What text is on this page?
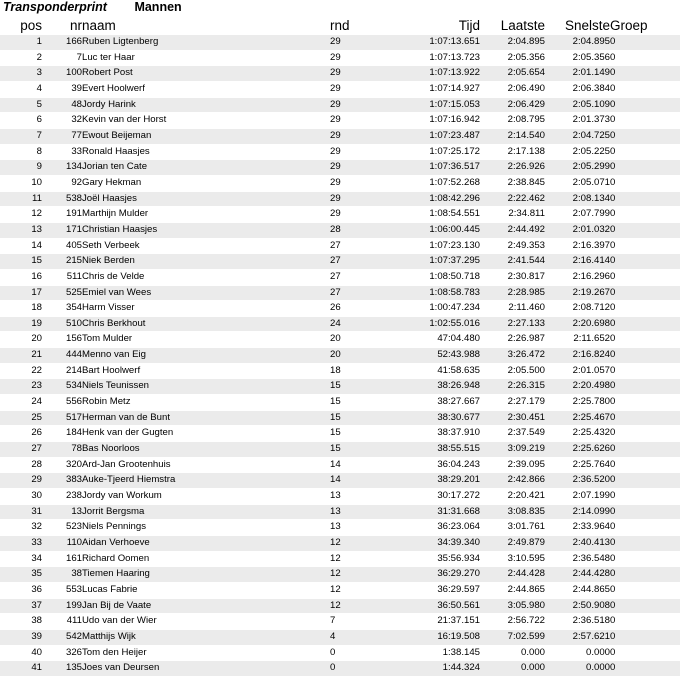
Transponderprint Mannen
pos	nr	naam	rnd	Tijd	Laatste	Snelste	Groep
1	166	Ruben Ligtenberg	29	1:07:13.651	2:04.895	2:04.895	0
2	7	Luc ter Haar	29	1:07:13.723	2:05.356	2:05.356	0
3	100	Robert Post	29	1:07:13.922	2:05.654	2:01.149	0
4	39	Evert Hoolwerf	29	1:07:14.927	2:06.490	2:06.384	0
5	48	Jordy Harink	29	1:07:15.053	2:06.429	2:05.109	0
6	32	Kevin van der Horst	29	1:07:16.942	2:08.795	2:01.373	0
7	77	Ewout Beijeman	29	1:07:23.487	2:14.540	2:04.725	0
8	33	Ronald Haasjes	29	1:07:25.172	2:17.138	2:05.225	0
9	134	Jorian ten Cate	29	1:07:36.517	2:26.926	2:05.299	0
10	92	Gary Hekman	29	1:07:52.268	2:38.845	2:05.071	0
11	538	Joël Haasjes	29	1:08:42.296	2:22.462	2:08.134	0
12	191	Marthijn Mulder	29	1:08:54.551	2:34.811	2:07.799	0
13	171	Christian Haasjes	28	1:06:00.445	2:44.492	2:01.032	0
14	405	Seth Verbeek	27	1:07:23.130	2:49.353	2:16.397	0
15	215	Niek Berden	27	1:07:37.295	2:41.544	2:16.414	0
16	511	Chris de Velde	27	1:08:50.718	2:30.817	2:16.296	0
17	525	Emiel van Wees	27	1:08:58.783	2:28.985	2:19.267	0
18	354	Harm Visser	26	1:00:47.234	2:11.460	2:08.712	0
19	510	Chris Berkhout	24	1:02:55.016	2:27.133	2:20.698	0
20	156	Tom Mulder	20	47:04.480	2:26.987	2:11.652	0
21	444	Menno van Eig	20	52:43.988	3:26.472	2:16.824	0
22	214	Bart Hoolwerf	18	41:58.635	2:05.500	2:01.057	0
23	534	Niels Teunissen	15	38:26.948	2:26.315	2:20.498	0
24	556	Robin Metz	15	38:27.667	2:27.179	2:25.780	0
25	517	Herman van de Bunt	15	38:30.677	2:30.451	2:25.467	0
26	184	Henk van der Gugten	15	38:37.910	2:37.549	2:25.432	0
27	78	Bas Noorloos	15	38:55.515	3:09.219	2:25.626	0
28	320	Ard-Jan Grootenhuis	14	36:04.243	2:39.095	2:25.764	0
29	383	Auke-Tjeerd Hiemstra	14	38:29.201	2:42.866	2:36.520	0
30	238	Jordy van Workum	13	30:17.272	2:20.421	2:07.199	0
31	13	Jorrit Bergsma	13	31:31.668	3:08.835	2:14.099	0
32	523	Niels Pennings	13	36:23.064	3:01.761	2:33.964	0
33	110	Aidan Verhoeve	12	34:39.340	2:49.879	2:40.413	0
34	161	Richard Oomen	12	35:56.934	3:10.595	2:36.548	0
35	38	Tiemen Haaring	12	36:29.270	2:44.428	2:44.428	0
36	553	Lucas Fabrie	12	36:29.597	2:44.865	2:44.865	0
37	199	Jan Bij de Vaate	12	36:50.561	3:05.980	2:50.908	0
38	411	Udo van der Wier	7	21:37.151	2:56.722	2:36.518	0
39	542	Matthijs Wijk	4	16:19.508	7:02.599	2:57.621	0
40	326	Tom den Heijer	0	1:38.145	0.000	0.000	0
41	135	Joes van Deursen	0	1:44.324	0.000	0.000	0
